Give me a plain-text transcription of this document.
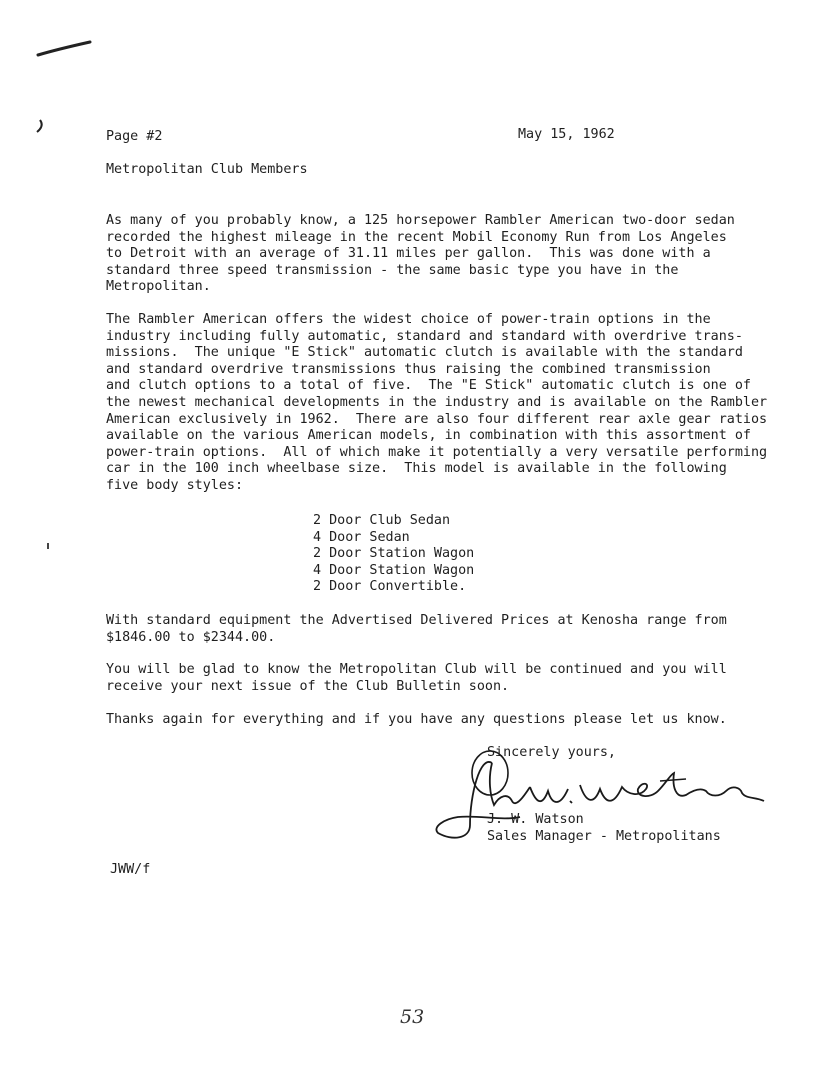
Page #2	May 15, 1962
Metropolitan Club Members
As many of you probably know, a 125 horsepower Rambler American two-door sedan
recorded the highest mileage in the recent Mobil Economy Run from Los Angeles
to Detroit with an average of 31.11 miles per gallon.  This was done with a
standard three speed transmission - the same basic type you have in the
Metropolitan.
The Rambler American offers the widest choice of power-train options in the
industry including fully automatic, standard and standard with overdrive trans-
missions.  The unique "E Stick" automatic clutch is available with the standard
and standard overdrive transmissions thus raising the combined transmission
and clutch options to a total of five.  The "E Stick" automatic clutch is one of
the newest mechanical developments in the industry and is available on the Rambler
American exclusively in 1962.  There are also four different rear axle gear ratios
available on the various American models, in combination with this assortment of
power-train options.  All of which make it potentially a very versatile performing
car in the 100 inch wheelbase size.  This model is available in the following
five body styles:
2 Door Club Sedan
4 Door Sedan
2 Door Station Wagon
4 Door Station Wagon
2 Door Convertible.
With standard equipment the Advertised Delivered Prices at Kenosha range from
$1846.00 to $2344.00.
You will be glad to know the Metropolitan Club will be continued and you will
receive your next issue of the Club Bulletin soon.
Thanks again for everything and if you have any questions please let us know.
Sincerely yours,
J. W. Watson
Sales Manager - Metropolitans
JWW/f
53
